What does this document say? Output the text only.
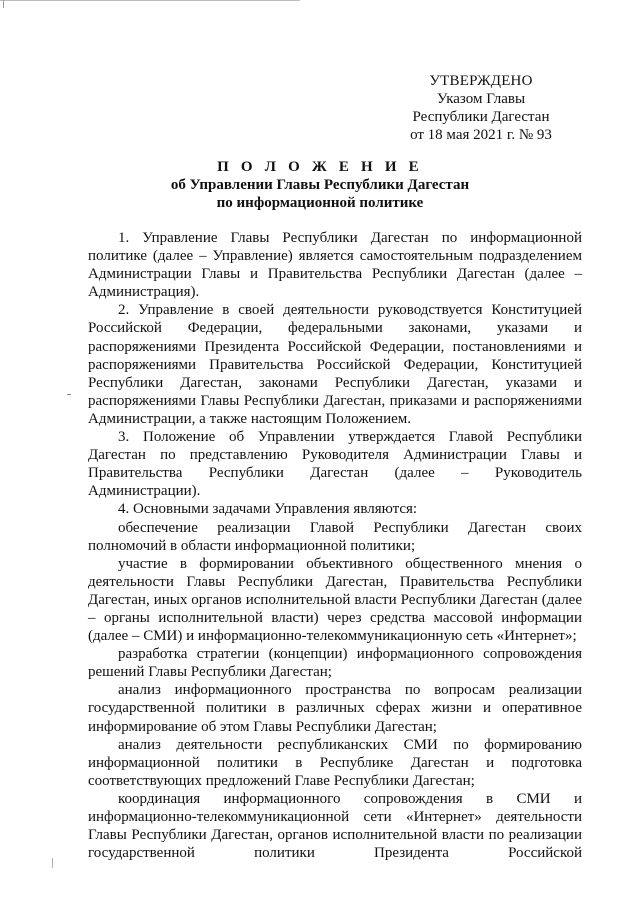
УТВЕРЖДЕНО
Указом Главы
Республики Дагестан
от 18 мая 2021 г. № 93
П О Л О Ж Е Н И Е
об Управлении Главы Республики Дагестан
по информационной политике

1. Управление Главы Республики Дагестан по информационной политике (далее – Управление) является самостоятельным подразделением Администрации Главы и Правительства Республики Дагестан (далее – Администрация).

2. Управление в своей деятельности руководствуется Конституцией Российской Федерации, федеральными законами, указами и распоряжениями Президента Российской Федерации, постановлениями и распоряжениями Правительства Российской Федерации, Конституцией Республики Дагестан, законами Республики Дагестан, указами и распоряжениями Главы Республики Дагестан, приказами и распоряжениями Администрации, а также настоящим Положением.

3. Положение об Управлении утверждается Главой Республики Дагестан по представлению Руководителя Администрации Главы и Правительства Республики Дагестан (далее – Руководитель Администрации).

4. Основными задачами Управления являются:

обеспечение реализации Главой Республики Дагестан своих полномочий в области информационной политики;

участие в формировании объективного общественного мнения о деятельности Главы Республики Дагестан, Правительства Республики Дагестан, иных органов исполнительной власти Республики Дагестан (далее – органы исполнительной власти) через средства массовой информации (далее – СМИ) и информационно-телекоммуникационную сеть «Интернет»;

разработка стратегии (концепции) информационного сопровождения решений Главы Республики Дагестан;

анализ информационного пространства по вопросам реализации государственной политики в различных сферах жизни и оперативное информирование об этом Главы Республики Дагестан;

анализ деятельности республиканских СМИ по формированию информационной политики в Республике Дагестан и подготовка соответствующих предложений Главе Республики Дагестан;

координация информационного сопровождения в СМИ и информационно-телекоммуникационной сети «Интернет» деятельности Главы Республики Дагестан, органов исполнительной власти по реализации государственной политики Президента Российской
